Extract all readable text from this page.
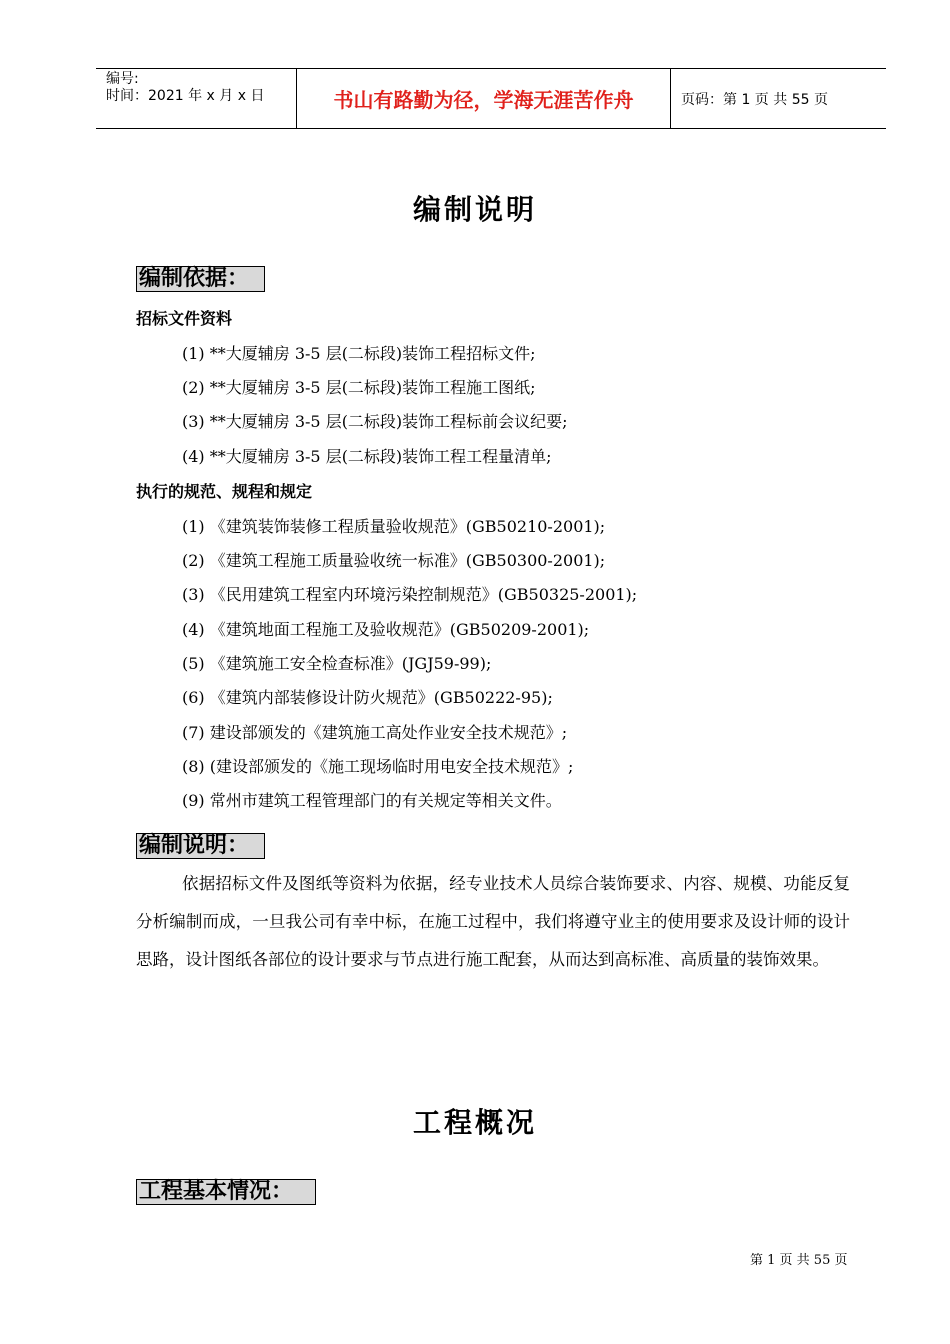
编号:
时间：2021 年 x 月 x 日	书山有路勤为径，学海无涯苦作舟	页码：第 1 页 共 55 页
编制说明
编制依据：
招标文件资料
(1) **大厦辅房 3-5 层(二标段)装饰工程招标文件;
(2) **大厦辅房 3-5 层(二标段)装饰工程施工图纸;
(3) **大厦辅房 3-5 层(二标段)装饰工程标前会议纪要;
(4) **大厦辅房 3-5 层(二标段)装饰工程工程量清单;
执行的规范、规程和规定
(1) 《建筑装饰装修工程质量验收规范》(GB50210-2001);
(2) 《建筑工程施工质量验收统一标准》(GB50300-2001);
(3) 《民用建筑工程室内环境污染控制规范》(GB50325-2001);
(4) 《建筑地面工程施工及验收规范》(GB50209-2001);
(5) 《建筑施工安全检查标准》(JGJ59-99);
(6) 《建筑内部装修设计防火规范》(GB50222-95);
(7) 建设部颁发的《建筑施工高处作业安全技术规范》;
(8) (建设部颁发的《施工现场临时用电安全技术规范》;
(9) 常州市建筑工程管理部门的有关规定等相关文件。
编制说明：
依据招标文件及图纸等资料为依据，经专业技术人员综合装饰要求、内容、规模、功能反复分析编制而成，一旦我公司有幸中标，在施工过程中，我们将遵守业主的使用要求及设计师的设计思路，设计图纸各部位的设计要求与节点进行施工配套，从而达到高标准、高质量的装饰效果。
工程概况
工程基本情况：
第 1 页 共 55 页
